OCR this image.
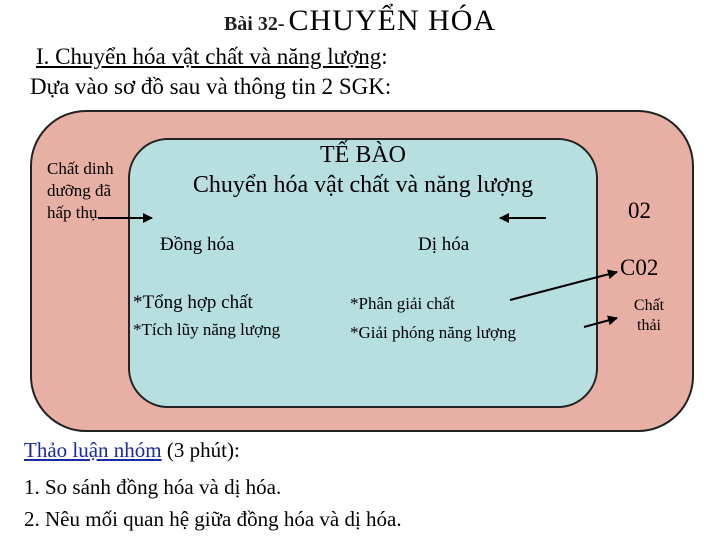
Bài 32- CHUYỂN HÓA
I. Chuyển hóa vật chất và năng lượng:
Dựa vào sơ đồ sau và thông tin 2 SGK:
Chất dinh dưỡng đã hấp thụ
TẾ BÀO
Chuyển hóa vật chất và năng lượng
Đồng hóa	Dị hóa
*Tổng hợp chất
*Tích lũy năng lượng
*Phân giải chất
*Giải phóng năng lượng
02
C02
Chất thải
Thảo luận nhóm (3 phút):
1. So sánh đồng hóa và dị hóa.
2. Nêu mối quan hệ giữa đồng hóa và dị hóa.
